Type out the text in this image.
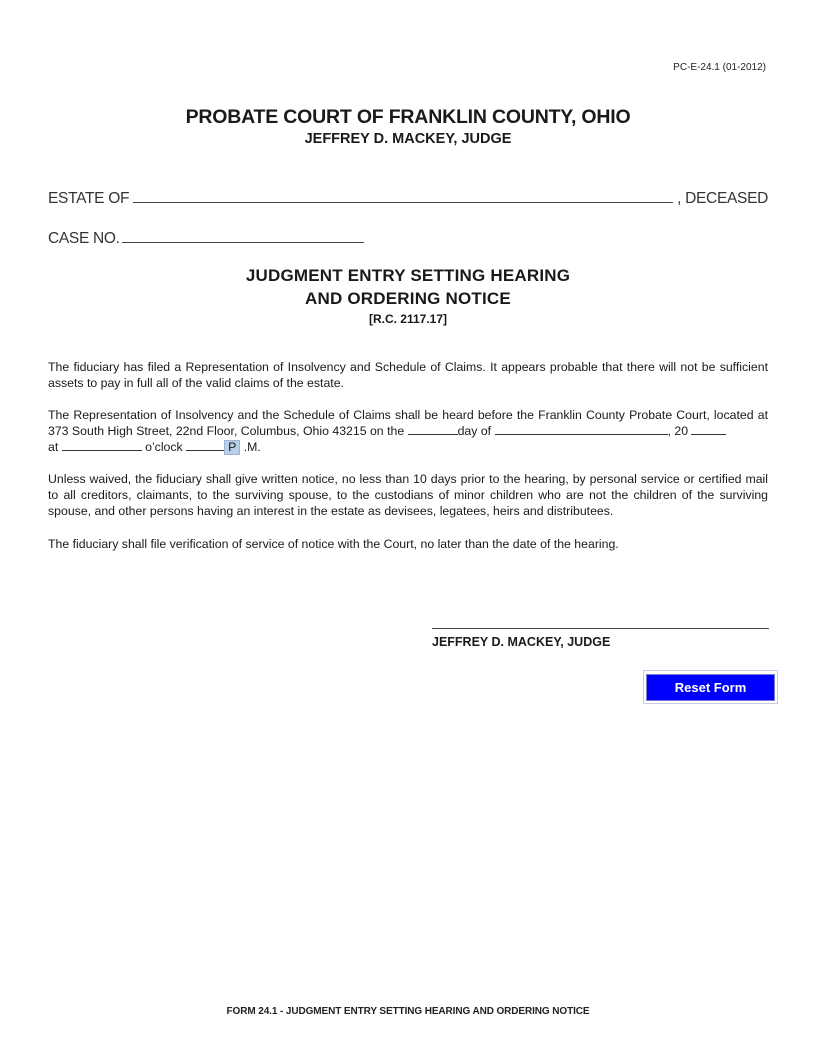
PC-E-24.1 (01-2012)
PROBATE COURT OF FRANKLIN COUNTY, OHIO
JEFFREY D. MACKEY, JUDGE
ESTATE OF	, DECEASED
CASE NO.
JUDGMENT ENTRY SETTING HEARING
AND ORDERING NOTICE
[R.C. 2117.17]
The fiduciary has filed a Representation of Insolvency and Schedule of Claims. It appears probable that there will not be sufficient assets to pay in full all of the valid claims of the estate.
The Representation of Insolvency and the Schedule of Claims shall be heard before the Franklin County Probate Court, located at 373 South High Street, 22nd Floor, Columbus, Ohio 43215 on the	day of	, 20
at	o’clock	P .M.
Unless waived, the fiduciary shall give written notice, no less than 10 days prior to the hearing, by personal service or certified mail to all creditors, claimants, to the surviving spouse, to the custodians of minor children who are not the children of the surviving spouse, and other persons having an interest in the estate as devisees, legatees, heirs and distributees.
The fiduciary shall file verification of service of notice with the Court, no later than the date of the hearing.
JEFFREY D. MACKEY, JUDGE
Reset Form
FORM 24.1 - JUDGMENT ENTRY SETTING HEARING AND ORDERING NOTICE
